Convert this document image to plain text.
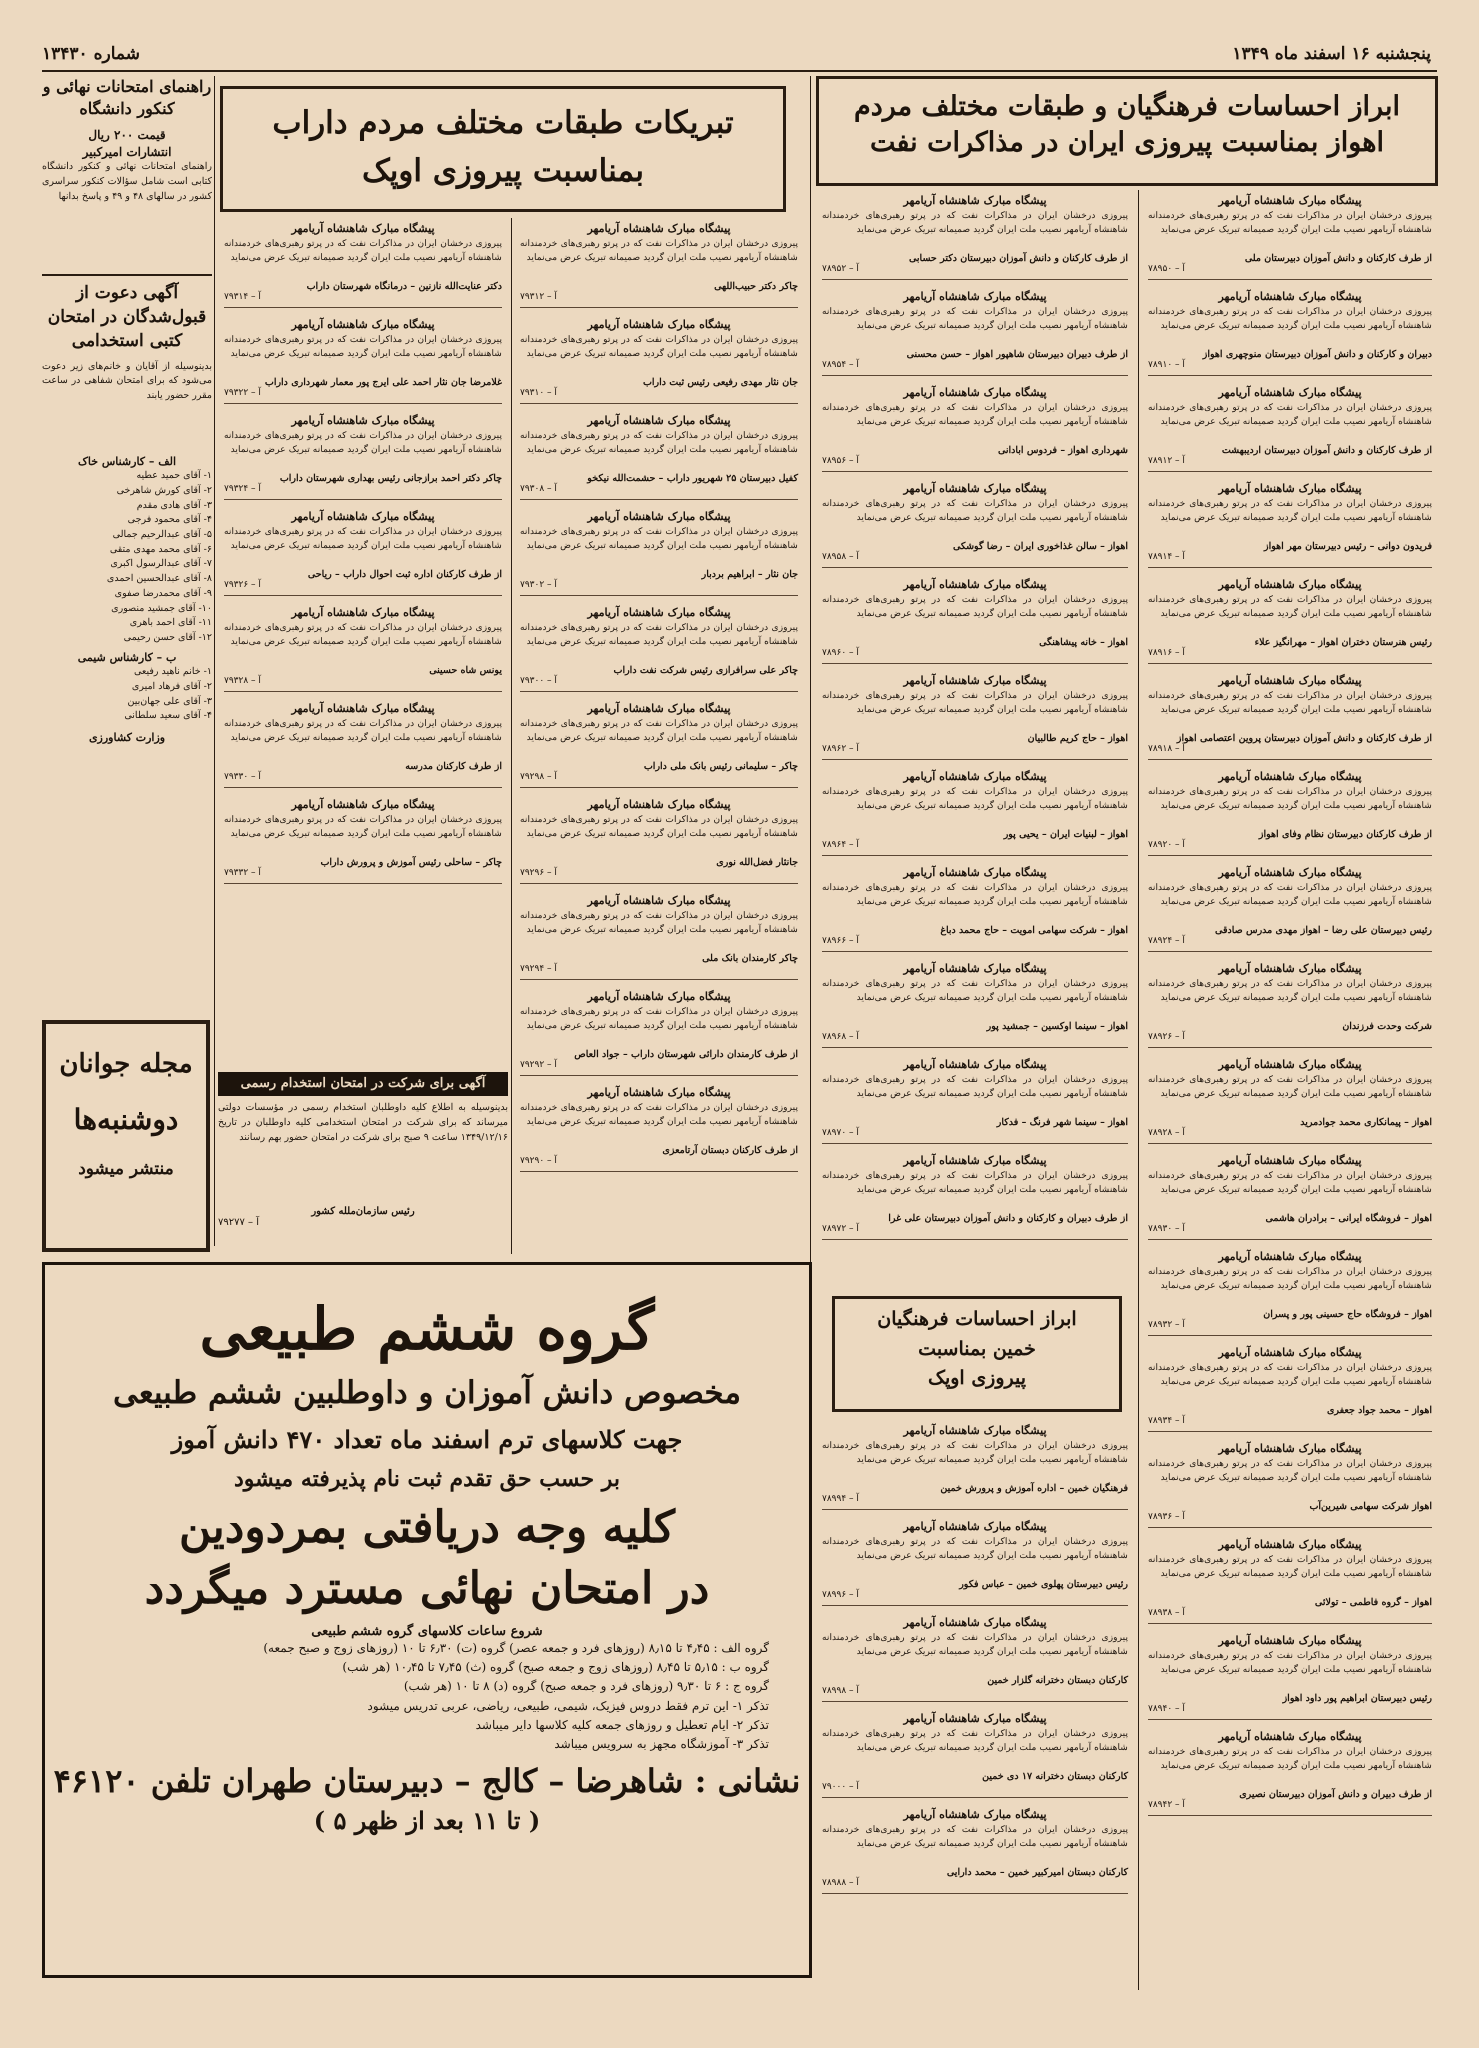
شماره ۱۳۴۳۰	پنجشنبه ۱۶ اسفند ماه ۱۳۴۹
ابراز احساسات فرهنگیان و طبقات مختلف مردم
اهواز بمناسبت پیروزی ایران در مذاکرات نفت
تبریکات طبقات مختلف مردم داراب
بمناسبت پیروزی اوپک
راهنمای امتحانات نهائی و کنکور دانشگاه
قیمت ۲۰۰ ریال
انتشارات امیرکبیر
راهنمای امتحانات نهائی و کنکور دانشگاه کتابی است شامل سؤالات کنکور سراسری کشور در سالهای ۴۸ و ۴۹ و پاسخ بدانها
آگهی دعوت از قبول‌شدگان در امتحان کتبی استخدامی
بدینوسیله از آقایان و خانم‌های زیر دعوت می‌شود که برای امتحان شفاهی در ساعت مقرر حضور یابند
الف – کارشناس خاک
۱- آقای حمید عطیه
۲- آقای کورش شاهرخی
۳- آقای هادی مقدم
۴- آقای محمود فرجی
۵- آقای عبدالرحیم جمالی
۶- آقای محمد مهدی متقی
۷- آقای عبدالرسول اکبری
۸- آقای عبدالحسین احمدی
۹- آقای محمدرضا صفوی
۱۰- آقای جمشید منصوری
۱۱- آقای احمد باهری
۱۲- آقای حسن رحیمی
ب – کارشناس شیمی
۱- خانم ناهید رفیعی
۲- آقای فرهاد امیری
۳- آقای علی جهان‌بین
۴- آقای سعید سلطانی
وزارت کشاورزی
مجله جوانان
دوشنبه‌ها
منتشر میشود
آگهی برای شرکت در امتحان استخدام رسمی
بدینوسیله به اطلاع کلیه داوطلبان استخدام رسمی در مؤسسات دولتی میرساند که برای شرکت در امتحان استخدامی کلیه داوطلبان در تاریخ ۱۳۴۹/۱۲/۱۶ ساعت ۹ صبح برای شرکت در امتحان حضور بهم رسانند
رئیس سازمان‌ملله کشور
۷۹۲۷۷ – آ
پیشگاه مبارک شاهنشاه آریامهر
پیروزی درخشان ایران در مذاکرات نفت که در پرتو رهبری‌های خردمندانه شاهنشاه آریامهر نصیب ملت ایران گردید صمیمانه تبریک عرض می‌نماید
دکتر عنایت‌الله نازنین – درمانگاه شهرستان داراب
۷۹۳۱۴ – آ
پیشگاه مبارک شاهنشاه آریامهر
پیروزی درخشان ایران در مذاکرات نفت که در پرتو رهبری‌های خردمندانه شاهنشاه آریامهر نصیب ملت ایران گردید صمیمانه تبریک عرض می‌نماید
غلامرضا جان نثار احمد علی ایرج پور معمار شهرداری داراب
۷۹۳۲۲ – آ
پیشگاه مبارک شاهنشاه آریامهر
پیروزی درخشان ایران در مذاکرات نفت که در پرتو رهبری‌های خردمندانه شاهنشاه آریامهر نصیب ملت ایران گردید صمیمانه تبریک عرض می‌نماید
چاکر دکتر احمد برازجانی رئیس بهداری شهرستان داراب
۷۹۳۲۴ – آ
پیشگاه مبارک شاهنشاه آریامهر
پیروزی درخشان ایران در مذاکرات نفت که در پرتو رهبری‌های خردمندانه شاهنشاه آریامهر نصیب ملت ایران گردید صمیمانه تبریک عرض می‌نماید
از طرف کارکنان اداره ثبت احوال داراب – ریاحی
۷۹۳۲۶ – آ
پیشگاه مبارک شاهنشاه آریامهر
پیروزی درخشان ایران در مذاکرات نفت که در پرتو رهبری‌های خردمندانه شاهنشاه آریامهر نصیب ملت ایران گردید صمیمانه تبریک عرض می‌نماید
یونس شاه حسینی
۷۹۳۲۸ – آ
پیشگاه مبارک شاهنشاه آریامهر
پیروزی درخشان ایران در مذاکرات نفت که در پرتو رهبری‌های خردمندانه شاهنشاه آریامهر نصیب ملت ایران گردید صمیمانه تبریک عرض می‌نماید
از طرف کارکنان مدرسه
۷۹۳۳۰ – آ
پیشگاه مبارک شاهنشاه آریامهر
پیروزی درخشان ایران در مذاکرات نفت که در پرتو رهبری‌های خردمندانه شاهنشاه آریامهر نصیب ملت ایران گردید صمیمانه تبریک عرض می‌نماید
چاکر – ساحلی رئیس آموزش و پرورش داراب
۷۹۳۳۲ – آ
پیشگاه مبارک شاهنشاه آریامهر
پیروزی درخشان ایران در مذاکرات نفت که در پرتو رهبری‌های خردمندانه شاهنشاه آریامهر نصیب ملت ایران گردید صمیمانه تبریک عرض می‌نماید
چاکر دکتر حبیب‌اللهی
۷۹۳۱۲ – آ
پیشگاه مبارک شاهنشاه آریامهر
پیروزی درخشان ایران در مذاکرات نفت که در پرتو رهبری‌های خردمندانه شاهنشاه آریامهر نصیب ملت ایران گردید صمیمانه تبریک عرض می‌نماید
جان نثار مهدی رفیعی رئیس ثبت داراب
۷۹۳۱۰ – آ
پیشگاه مبارک شاهنشاه آریامهر
پیروزی درخشان ایران در مذاکرات نفت که در پرتو رهبری‌های خردمندانه شاهنشاه آریامهر نصیب ملت ایران گردید صمیمانه تبریک عرض می‌نماید
کفیل دبیرستان ۲۵ شهریور داراب – حشمت‌الله نیکخو
۷۹۳۰۸ – آ
پیشگاه مبارک شاهنشاه آریامهر
پیروزی درخشان ایران در مذاکرات نفت که در پرتو رهبری‌های خردمندانه شاهنشاه آریامهر نصیب ملت ایران گردید صمیمانه تبریک عرض می‌نماید
جان نثار – ابراهیم بردبار
۷۹۳۰۲ – آ
پیشگاه مبارک شاهنشاه آریامهر
پیروزی درخشان ایران در مذاکرات نفت که در پرتو رهبری‌های خردمندانه شاهنشاه آریامهر نصیب ملت ایران گردید صمیمانه تبریک عرض می‌نماید
چاکر علی سرافرازی رئیس شرکت نفت داراب
۷۹۳۰۰ – آ
پیشگاه مبارک شاهنشاه آریامهر
پیروزی درخشان ایران در مذاکرات نفت که در پرتو رهبری‌های خردمندانه شاهنشاه آریامهر نصیب ملت ایران گردید صمیمانه تبریک عرض می‌نماید
چاکر – سلیمانی رئیس بانک ملی داراب
۷۹۲۹۸ – آ
پیشگاه مبارک شاهنشاه آریامهر
پیروزی درخشان ایران در مذاکرات نفت که در پرتو رهبری‌های خردمندانه شاهنشاه آریامهر نصیب ملت ایران گردید صمیمانه تبریک عرض می‌نماید
جانثار فضل‌الله نوری
۷۹۲۹۶ – آ
پیشگاه مبارک شاهنشاه آریامهر
پیروزی درخشان ایران در مذاکرات نفت که در پرتو رهبری‌های خردمندانه شاهنشاه آریامهر نصیب ملت ایران گردید صمیمانه تبریک عرض می‌نماید
چاکر کارمندان بانک ملی
۷۹۲۹۴ – آ
پیشگاه مبارک شاهنشاه آریامهر
پیروزی درخشان ایران در مذاکرات نفت که در پرتو رهبری‌های خردمندانه شاهنشاه آریامهر نصیب ملت ایران گردید صمیمانه تبریک عرض می‌نماید
از طرف کارمندان دارائی شهرستان داراب – جواد العاص
۷۹۲۹۲ – آ
پیشگاه مبارک شاهنشاه آریامهر
پیروزی درخشان ایران در مذاکرات نفت که در پرتو رهبری‌های خردمندانه شاهنشاه آریامهر نصیب ملت ایران گردید صمیمانه تبریک عرض می‌نماید
از طرف کارکنان دبستان آرتامعزی
۷۹۲۹۰ – آ
پیشگاه مبارک شاهنشاه آریامهر
پیروزی درخشان ایران در مذاکرات نفت که در پرتو رهبری‌های خردمندانه شاهنشاه آریامهر نصیب ملت ایران گردید صمیمانه تبریک عرض می‌نماید
از طرف کارکنان و دانش آموزان دبیرستان ملی
۷۸۹۵۰ – آ
پیشگاه مبارک شاهنشاه آریامهر
پیروزی درخشان ایران در مذاکرات نفت که در پرتو رهبری‌های خردمندانه شاهنشاه آریامهر نصیب ملت ایران گردید صمیمانه تبریک عرض می‌نماید
دبیران و کارکنان و دانش آموزان دبیرستان منوچهری اهواز
۷۸۹۱۰ – آ
پیشگاه مبارک شاهنشاه آریامهر
پیروزی درخشان ایران در مذاکرات نفت که در پرتو رهبری‌های خردمندانه شاهنشاه آریامهر نصیب ملت ایران گردید صمیمانه تبریک عرض می‌نماید
از طرف کارکنان و دانش آموزان دبیرستان اردیبهشت
۷۸۹۱۲ – آ
پیشگاه مبارک شاهنشاه آریامهر
پیروزی درخشان ایران در مذاکرات نفت که در پرتو رهبری‌های خردمندانه شاهنشاه آریامهر نصیب ملت ایران گردید صمیمانه تبریک عرض می‌نماید
فریدون دوانی – رئیس دبیرستان مهر اهواز
۷۸۹۱۴ – آ
پیشگاه مبارک شاهنشاه آریامهر
پیروزی درخشان ایران در مذاکرات نفت که در پرتو رهبری‌های خردمندانه شاهنشاه آریامهر نصیب ملت ایران گردید صمیمانه تبریک عرض می‌نماید
رئیس هنرستان دختران اهواز – مهرانگیز علاء
۷۸۹۱۶ – آ
پیشگاه مبارک شاهنشاه آریامهر
پیروزی درخشان ایران در مذاکرات نفت که در پرتو رهبری‌های خردمندانه شاهنشاه آریامهر نصیب ملت ایران گردید صمیمانه تبریک عرض می‌نماید
از طرف کارکنان و دانش آموزان دبیرستان پروین اعتصامی اهواز
۷۸۹۱۸ – آ
پیشگاه مبارک شاهنشاه آریامهر
پیروزی درخشان ایران در مذاکرات نفت که در پرتو رهبری‌های خردمندانه شاهنشاه آریامهر نصیب ملت ایران گردید صمیمانه تبریک عرض می‌نماید
از طرف کارکنان دبیرستان نظام وفای اهواز
۷۸۹۲۰ – آ
پیشگاه مبارک شاهنشاه آریامهر
پیروزی درخشان ایران در مذاکرات نفت که در پرتو رهبری‌های خردمندانه شاهنشاه آریامهر نصیب ملت ایران گردید صمیمانه تبریک عرض می‌نماید
رئیس دبیرستان علی رضا – اهواز مهدی مدرس صادقی
۷۸۹۲۴ – آ
پیشگاه مبارک شاهنشاه آریامهر
پیروزی درخشان ایران در مذاکرات نفت که در پرتو رهبری‌های خردمندانه شاهنشاه آریامهر نصیب ملت ایران گردید صمیمانه تبریک عرض می‌نماید
شرکت وحدت فرزندان
۷۸۹۲۶ – آ
پیشگاه مبارک شاهنشاه آریامهر
پیروزی درخشان ایران در مذاکرات نفت که در پرتو رهبری‌های خردمندانه شاهنشاه آریامهر نصیب ملت ایران گردید صمیمانه تبریک عرض می‌نماید
اهواز – پیمانکاری محمد جوادمرید
۷۸۹۲۸ – آ
پیشگاه مبارک شاهنشاه آریامهر
پیروزی درخشان ایران در مذاکرات نفت که در پرتو رهبری‌های خردمندانه شاهنشاه آریامهر نصیب ملت ایران گردید صمیمانه تبریک عرض می‌نماید
اهواز – فروشگاه ایرانی – برادران هاشمی
۷۸۹۳۰ – آ
پیشگاه مبارک شاهنشاه آریامهر
پیروزی درخشان ایران در مذاکرات نفت که در پرتو رهبری‌های خردمندانه شاهنشاه آریامهر نصیب ملت ایران گردید صمیمانه تبریک عرض می‌نماید
اهواز – فروشگاه حاج حسینی پور و پسران
۷۸۹۳۲ – آ
پیشگاه مبارک شاهنشاه آریامهر
پیروزی درخشان ایران در مذاکرات نفت که در پرتو رهبری‌های خردمندانه شاهنشاه آریامهر نصیب ملت ایران گردید صمیمانه تبریک عرض می‌نماید
اهواز – محمد جواد جعفری
۷۸۹۳۴ – آ
پیشگاه مبارک شاهنشاه آریامهر
پیروزی درخشان ایران در مذاکرات نفت که در پرتو رهبری‌های خردمندانه شاهنشاه آریامهر نصیب ملت ایران گردید صمیمانه تبریک عرض می‌نماید
اهواز شرکت سهامی شیرین‌آب
۷۸۹۳۶ – آ
پیشگاه مبارک شاهنشاه آریامهر
پیروزی درخشان ایران در مذاکرات نفت که در پرتو رهبری‌های خردمندانه شاهنشاه آریامهر نصیب ملت ایران گردید صمیمانه تبریک عرض می‌نماید
اهواز – گروه فاطمی – تولائی
۷۸۹۳۸ – آ
پیشگاه مبارک شاهنشاه آریامهر
پیروزی درخشان ایران در مذاکرات نفت که در پرتو رهبری‌های خردمندانه شاهنشاه آریامهر نصیب ملت ایران گردید صمیمانه تبریک عرض می‌نماید
رئیس دبیرستان ابراهیم پور داود اهواز
۷۸۹۴۰ – آ
پیشگاه مبارک شاهنشاه آریامهر
پیروزی درخشان ایران در مذاکرات نفت که در پرتو رهبری‌های خردمندانه شاهنشاه آریامهر نصیب ملت ایران گردید صمیمانه تبریک عرض می‌نماید
از طرف دبیران و دانش آموزان دبیرستان نصیری
۷۸۹۴۲ – آ
پیشگاه مبارک شاهنشاه آریامهر
پیروزی درخشان ایران در مذاکرات نفت که در پرتو رهبری‌های خردمندانه شاهنشاه آریامهر نصیب ملت ایران گردید صمیمانه تبریک عرض می‌نماید
از طرف کارکنان و دانش آموزان دبیرستان دکتر حسابی
۷۸۹۵۲ – آ
پیشگاه مبارک شاهنشاه آریامهر
پیروزی درخشان ایران در مذاکرات نفت که در پرتو رهبری‌های خردمندانه شاهنشاه آریامهر نصیب ملت ایران گردید صمیمانه تبریک عرض می‌نماید
از طرف دبیران دبیرستان شاهپور اهواز – حسن محسنی
۷۸۹۵۴ – آ
پیشگاه مبارک شاهنشاه آریامهر
پیروزی درخشان ایران در مذاکرات نفت که در پرتو رهبری‌های خردمندانه شاهنشاه آریامهر نصیب ملت ایران گردید صمیمانه تبریک عرض می‌نماید
شهرداری اهواز – فردوس ابادانی
۷۸۹۵۶ – آ
پیشگاه مبارک شاهنشاه آریامهر
پیروزی درخشان ایران در مذاکرات نفت که در پرتو رهبری‌های خردمندانه شاهنشاه آریامهر نصیب ملت ایران گردید صمیمانه تبریک عرض می‌نماید
اهواز – سالن غذاخوری ایران – رضا گوشکی
۷۸۹۵۸ – آ
پیشگاه مبارک شاهنشاه آریامهر
پیروزی درخشان ایران در مذاکرات نفت که در پرتو رهبری‌های خردمندانه شاهنشاه آریامهر نصیب ملت ایران گردید صمیمانه تبریک عرض می‌نماید
اهواز – خانه پیشاهنگی
۷۸۹۶۰ – آ
پیشگاه مبارک شاهنشاه آریامهر
پیروزی درخشان ایران در مذاکرات نفت که در پرتو رهبری‌های خردمندانه شاهنشاه آریامهر نصیب ملت ایران گردید صمیمانه تبریک عرض می‌نماید
اهواز – حاج کریم طالبیان
۷۸۹۶۲ – آ
پیشگاه مبارک شاهنشاه آریامهر
پیروزی درخشان ایران در مذاکرات نفت که در پرتو رهبری‌های خردمندانه شاهنشاه آریامهر نصیب ملت ایران گردید صمیمانه تبریک عرض می‌نماید
اهواز – لبنیات ایران – یحیی پور
۷۸۹۶۴ – آ
پیشگاه مبارک شاهنشاه آریامهر
پیروزی درخشان ایران در مذاکرات نفت که در پرتو رهبری‌های خردمندانه شاهنشاه آریامهر نصیب ملت ایران گردید صمیمانه تبریک عرض می‌نماید
اهواز – شرکت سهامی امویت – حاج محمد دباغ
۷۸۹۶۶ – آ
پیشگاه مبارک شاهنشاه آریامهر
پیروزی درخشان ایران در مذاکرات نفت که در پرتو رهبری‌های خردمندانه شاهنشاه آریامهر نصیب ملت ایران گردید صمیمانه تبریک عرض می‌نماید
اهواز – سینما اوکسین – جمشید پور
۷۸۹۶۸ – آ
پیشگاه مبارک شاهنشاه آریامهر
پیروزی درخشان ایران در مذاکرات نفت که در پرتو رهبری‌های خردمندانه شاهنشاه آریامهر نصیب ملت ایران گردید صمیمانه تبریک عرض می‌نماید
اهواز – سینما شهر فرنگ – فدکار
۷۸۹۷۰ – آ
پیشگاه مبارک شاهنشاه آریامهر
پیروزی درخشان ایران در مذاکرات نفت که در پرتو رهبری‌های خردمندانه شاهنشاه آریامهر نصیب ملت ایران گردید صمیمانه تبریک عرض می‌نماید
از طرف دبیران و کارکنان و دانش آموزان دبیرستان علی غرا
۷۸۹۷۲ – آ
ابراز احساسات فرهنگیان
خمین بمناسبت
پیروزی اوپک
پیشگاه مبارک شاهنشاه آریامهر
پیروزی درخشان ایران در مذاکرات نفت که در پرتو رهبری‌های خردمندانه شاهنشاه آریامهر نصیب ملت ایران گردید صمیمانه تبریک عرض می‌نماید
فرهنگیان خمین – اداره آموزش و پرورش خمین
۷۸۹۹۴ – آ
پیشگاه مبارک شاهنشاه آریامهر
پیروزی درخشان ایران در مذاکرات نفت که در پرتو رهبری‌های خردمندانه شاهنشاه آریامهر نصیب ملت ایران گردید صمیمانه تبریک عرض می‌نماید
رئیس دبیرستان پهلوی خمین – عباس فکور
۷۸۹۹۶ – آ
پیشگاه مبارک شاهنشاه آریامهر
پیروزی درخشان ایران در مذاکرات نفت که در پرتو رهبری‌های خردمندانه شاهنشاه آریامهر نصیب ملت ایران گردید صمیمانه تبریک عرض می‌نماید
کارکنان دبستان دخترانه گلزار خمین
۷۸۹۹۸ – آ
پیشگاه مبارک شاهنشاه آریامهر
پیروزی درخشان ایران در مذاکرات نفت که در پرتو رهبری‌های خردمندانه شاهنشاه آریامهر نصیب ملت ایران گردید صمیمانه تبریک عرض می‌نماید
کارکنان دبستان دخترانه ۱۷ دی خمین
۷۹۰۰۰ – آ
پیشگاه مبارک شاهنشاه آریامهر
پیروزی درخشان ایران در مذاکرات نفت که در پرتو رهبری‌های خردمندانه شاهنشاه آریامهر نصیب ملت ایران گردید صمیمانه تبریک عرض می‌نماید
کارکنان دبستان امیرکبیر خمین – محمد دارایی
۷۸۹۸۸ – آ
گروه ششم طبیعی
مخصوص دانش آموزان و داوطلبین ششم طبیعی
جهت کلاسهای ترم اسفند ماه تعداد ۴۷۰ دانش آموز
بر حسب حق تقدم ثبت نام پذیرفته میشود
کلیه وجه دریافتی بمردودین
در امتحان نهائی مسترد میگردد
شروع ساعات کلاسهای گروه ششم طبیعی
گروه الف : ۴٫۴۵ تا ۸٫۱۵ (روزهای فرد و جمعه عصر) گروه (ت) ۶٫۳۰ تا ۱۰ (روزهای زوج و صبح جمعه)
گروه ب : ۵٫۱۵ تا ۸٫۴۵ (روزهای زوج و جمعه صبح) گروه (ث) ۷٫۴۵ تا ۱۰٫۴۵ (هر شب)
گروه ج : ۶ تا ۹٫۳۰ (روزهای فرد و جمعه صبح) گروه (د) ۸ تا ۱۰ (هر شب)
تذکر ۱- این ترم فقط دروس فیزیک، شیمی، طبیعی، ریاضی، عربی تدریس میشود
تذکر ۲- ایام تعطیل و روزهای جمعه کلیه کلاسها دایر میباشد
تذکر ۳- آموزشگاه مجهز به سرویس میباشد
نشانی : شاهرضا – کالج – دبیرستان طهران تلفن ۴۶۱۲۰
( ۵ تا ۱۱ بعد از ظهر )
